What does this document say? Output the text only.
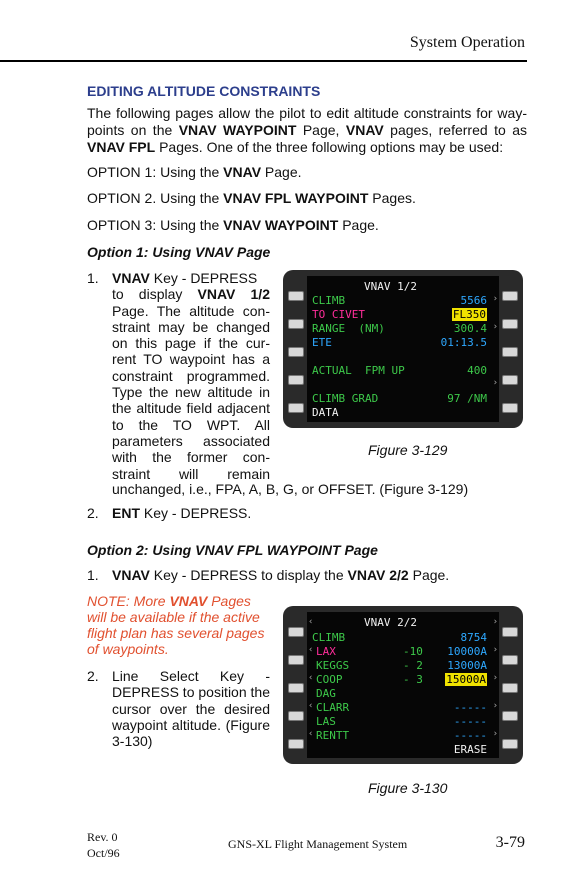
System Operation
EDITING ALTITUDE CONSTRAINTS
The following pages allow the pilot to edit altitude constraints for way-points on the VNAV WAYPOINT Page, VNAV pages, referred to as VNAV FPL Pages. One of the three following options may be used:
OPTION 1: Using the VNAV Page.
OPTION 2. Using the VNAV FPL WAYPOINT Pages.
OPTION 3: Using the VNAV WAYPOINT Page.
Option 1: Using VNAV Page
1. VNAV Key - DEPRESS
to display VNAV 1/2
Page. The altitude con-
straint may be changed
on this page if the cur-
rent TO waypoint has a
constraint programmed.
Type the new altitude in
the altitude field adjacent
to the TO WPT. All
parameters associated
with the former con-
straint will remain
unchanged, i.e., FPA, A, B, G, or OFFSET. (Figure 3-129)
VNAV 1/2
›
CLIMB	5566
›
TO CIVET	FL350
RANGE  (NM)	300.4
ETE	01:13.5
›
ACTUAL  FPM UP	400
CLIMB GRAD	97 /NM
DATA
Figure 3-129
2. ENT Key - DEPRESS.
Option 2: Using VNAV FPL WAYPOINT Page
1. VNAV Key - DEPRESS to display the VNAV 2/2 Page.
NOTE: More VNAV Pages
will be available if the active
flight plan has several pages
of waypoints.
2. Line Select Key -
DEPRESS to position the
cursor over the desired
waypoint altitude. (Figure
3-130)
‹	›
VNAV 2/2
CLIMB	8754
‹	›
LAX	-10 10000A
KEGGS	- 2 13000A
‹	›
COOP	- 3 15000A
DAG
‹	›
CLARR	-----
LAS	-----
‹	›
RENTT	-----
ERASE
Figure 3-130
Rev. 0
Oct/96
GNS-XL Flight Management System	3-79
